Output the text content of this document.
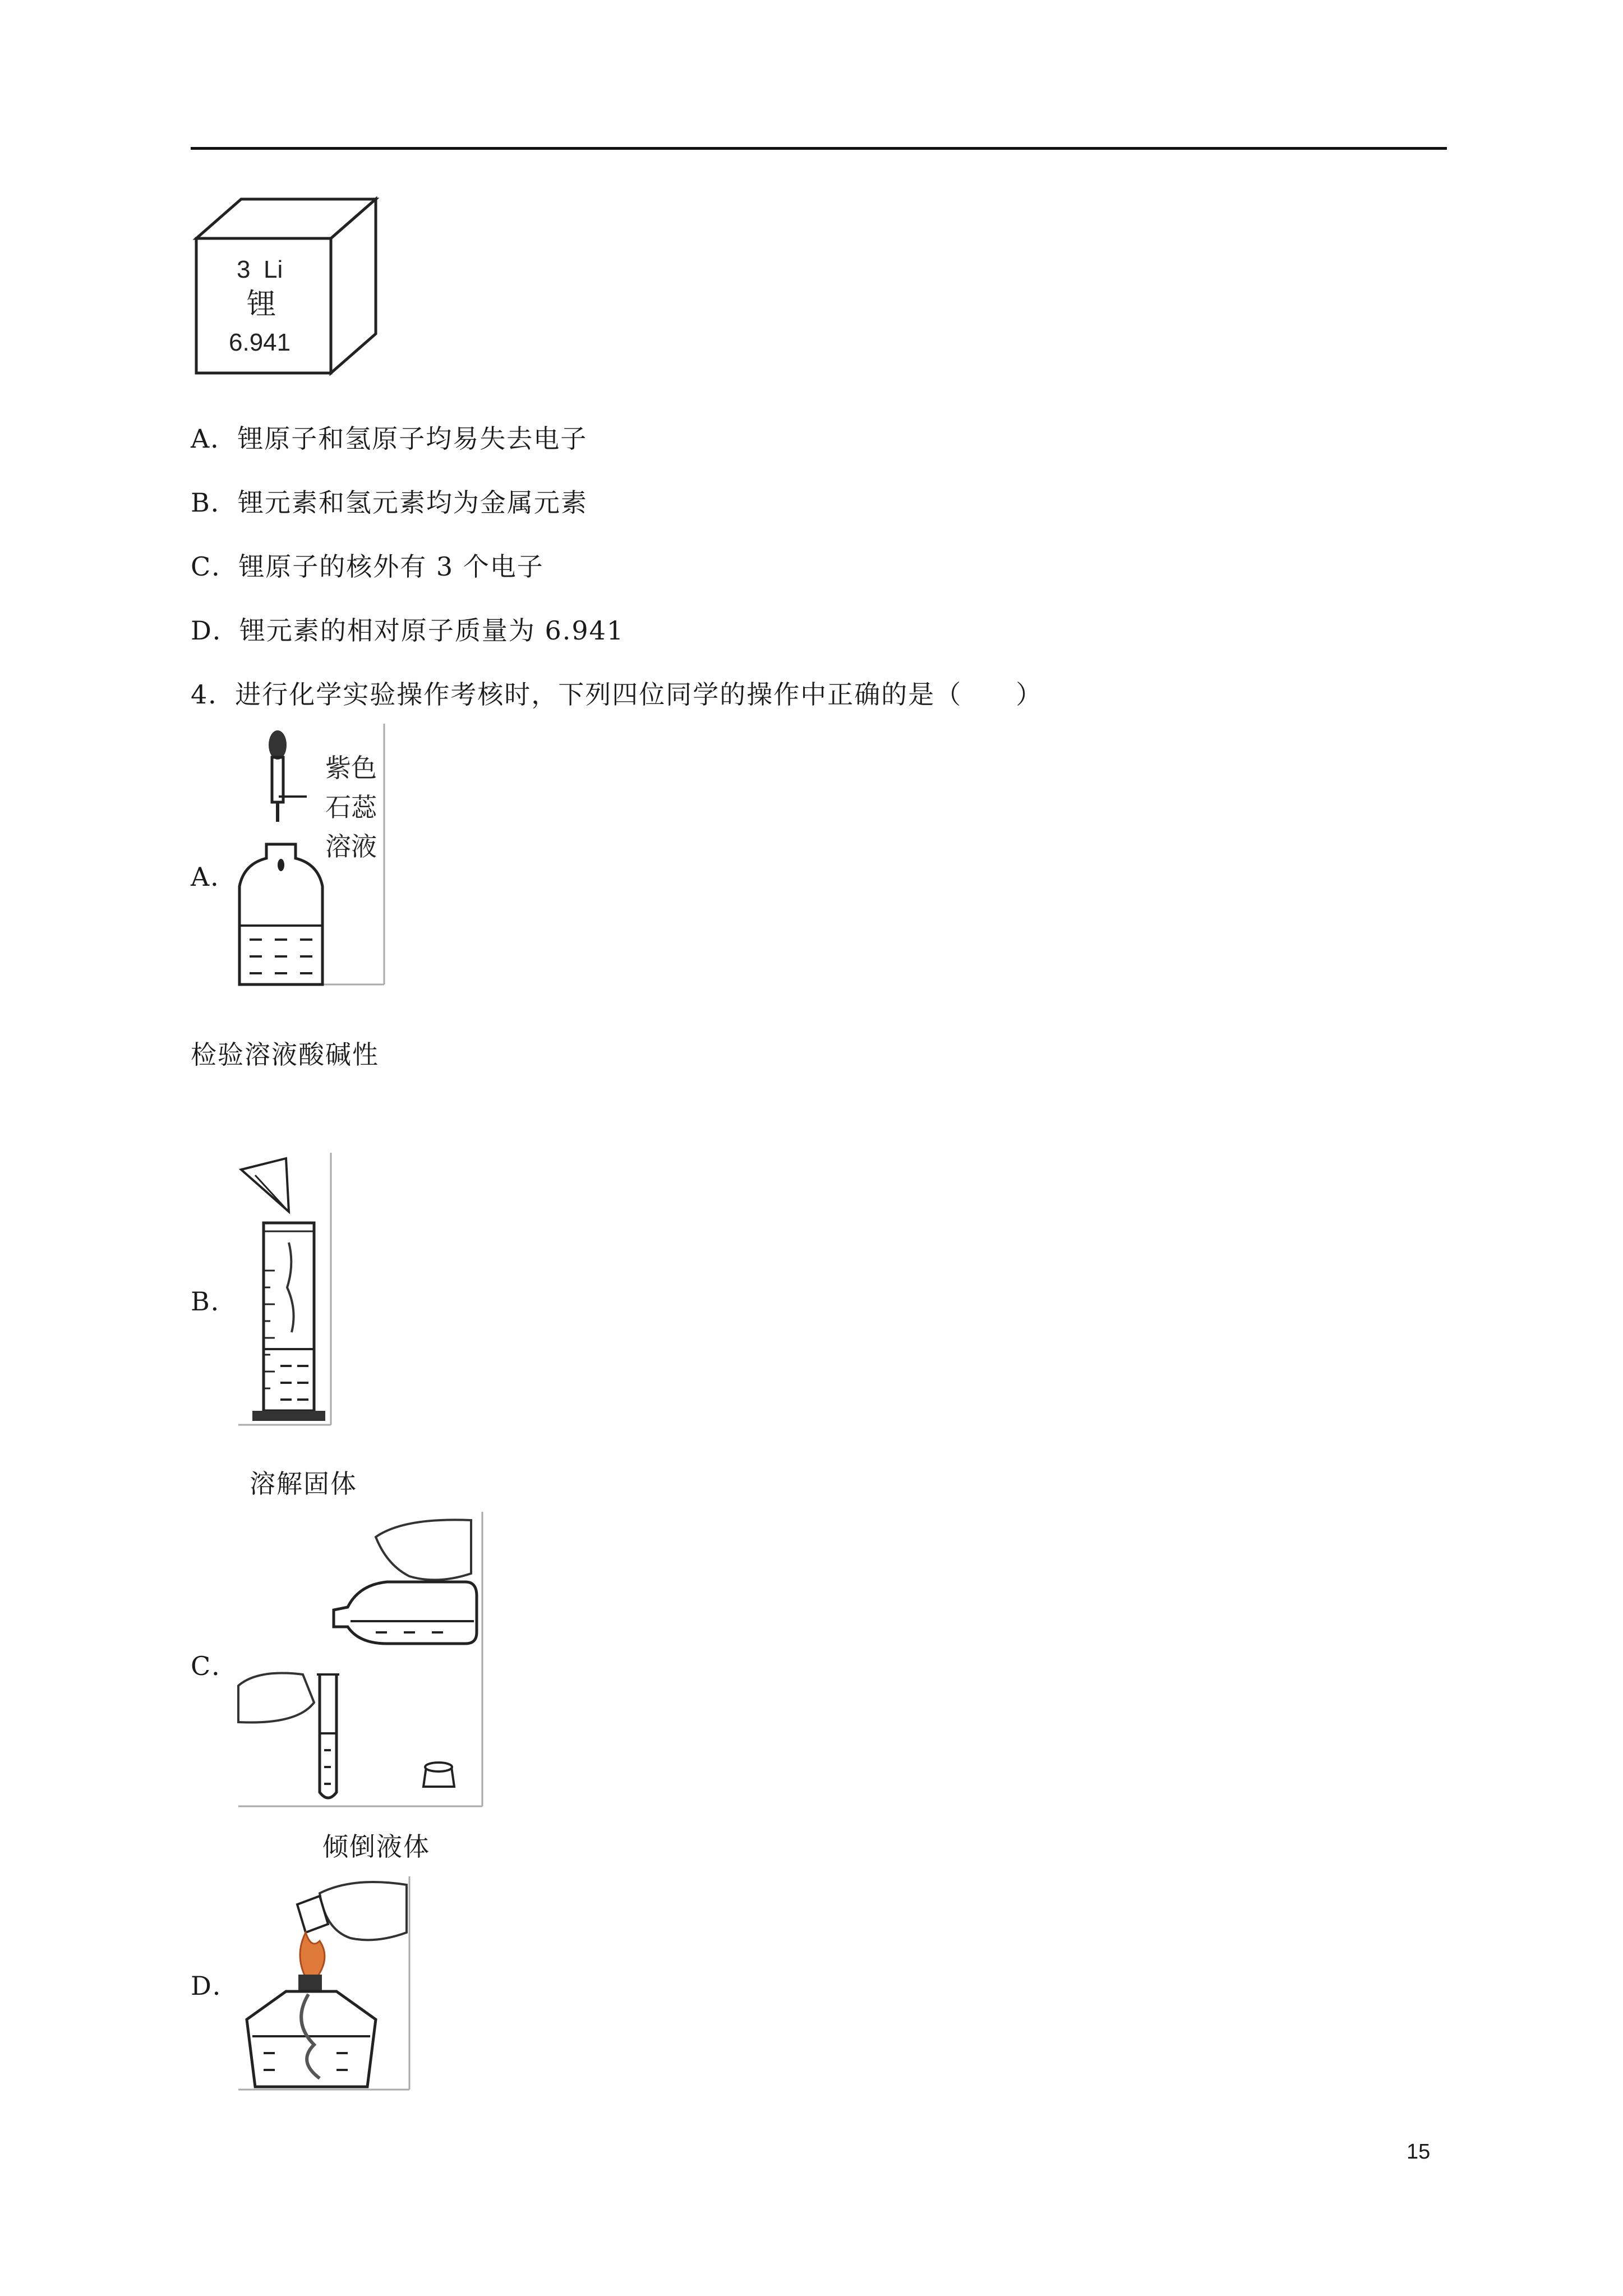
3 Li
锂
6.941
A．锂原子和氢原子均易失去电子
B．锂元素和氢元素均为金属元素
C．锂原子的核外有 3 个电子
D．锂元素的相对原子质量为 6.941
4．进行化学实验操作考核时，下列四位同学的操作中正确的是（　　）
A．
紫色
石蕊
溶液
检验溶液酸碱性
B．
溶解固体
C．
倾倒液体
D．
15
